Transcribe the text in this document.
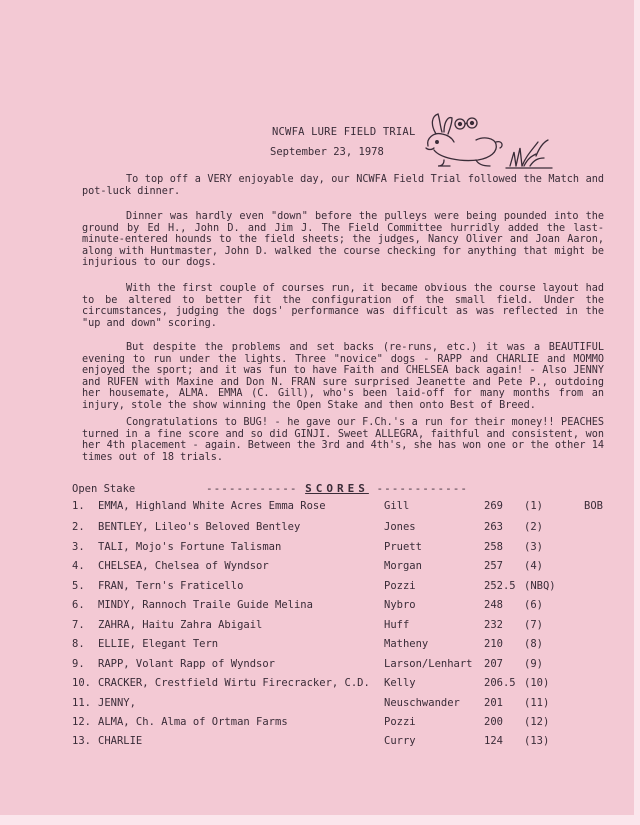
NCWFA LURE FIELD TRIAL
September 23, 1978

To top off a VERY enjoyable day, our NCWFA Field Trial followed the Match and pot-luck dinner.

Dinner was hardly even "down" before the pulleys were being pounded into the ground by Ed H., John D. and Jim J. The Field Committee hurridly added the last-minute-entered hounds to the field sheets; the judges, Nancy Oliver and Joan Aaron, along with Huntmaster, John D. walked the course checking for anything that might be injurious to our dogs.

With the first couple of courses run, it became obvious the course layout had to be altered to better fit the configuration of the small field. Under the circumstances, judging the dogs' performance was difficult as was reflected in the "up and down" scoring.

But despite the problems and set backs (re-runs, etc.) it was a BEAUTIFUL evening to run under the lights. Three "novice" dogs - RAPP and CHARLIE and MOMMO enjoyed the sport; and it was fun to have Faith and CHELSEA back again! - Also JENNY and RUFEN with Maxine and Don N. FRAN sure surprised Jeanette and Pete P., outdoing her housemate, ALMA. EMMA (C. Gill), who's been laid-off for many months from an injury, stole the show winning the Open Stake and then onto Best of Breed.

Congratulations to BUG! - he gave our F.Ch.'s a run for their money!! PEACHES turned in a fine score and so did GINJI. Sweet ALLEGRA, faithful and consistent, won her 4th placement - again. Between the 3rd and 4th's, she has won one or the other 14 times out of 18 trials.

Open Stake	------------ SCORES ------------
1. EMMA, Highland White Acres Emma Rose	Gill	269 (1)	BOB
2. BENTLEY, Lileo's Beloved Bentley	Jones	263 (2)
3. TALI, Mojo's Fortune Talisman	Pruett	258 (3)
4. CHELSEA, Chelsea of Wyndsor	Morgan	257 (4)
5. FRAN, Tern's Fraticello	Pozzi	252.5 (NBQ)
6. MINDY, Rannoch Traile Guide Melina	Nybro	248 (6)
7. ZAHRA, Haitu Zahra Abigail	Huff	232 (7)
8. ELLIE, Elegant Tern	Matheny	210 (8)
9. RAPP, Volant Rapp of Wyndsor	Larson/Lenhart 207 (9)
10. CRACKER, Crestfield Wirtu Firecracker, C.D. Kelly	206.5 (10)
11. JENNY,	Neuschwander 201 (11)
12. ALMA, Ch. Alma of Ortman Farms	Pozzi	200 (12)
13. CHARLIE	Curry	124 (13)
